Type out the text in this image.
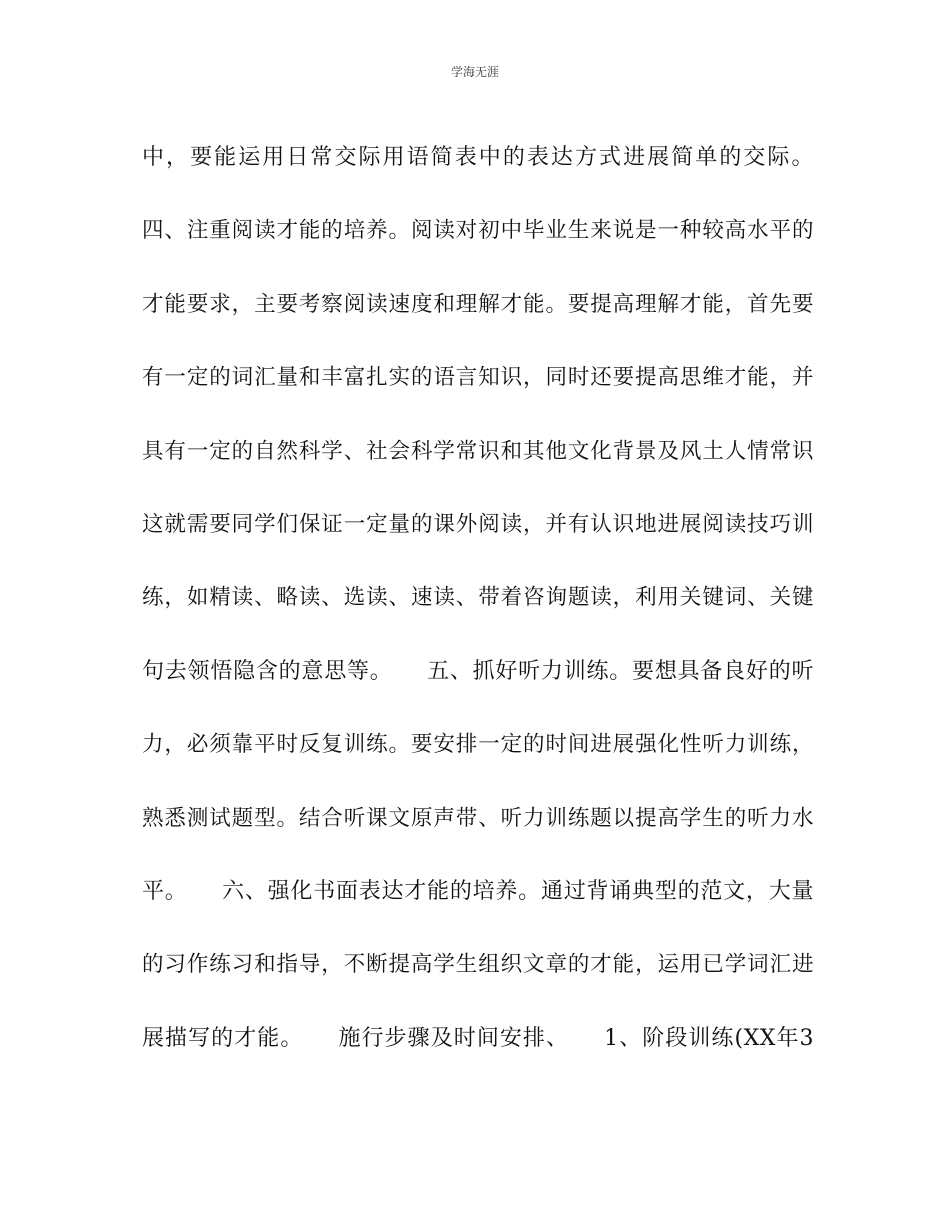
学海无涯
中，要能运用日常交际用语简表中的表达方式进展简单的交际。
四、注重阅读才能的培养。阅读对初中毕业生来说是一种较高水平的
才能要求，主要考察阅读速度和理解才能。要提高理解才能，首先要
有一定的词汇量和丰富扎实的语言知识，同时还要提高思维才能，并
具有一定的自然科学、社会科学常识和其他文化背景及风土人情常识
这就需要同学们保证一定量的课外阅读，并有认识地进展阅读技巧训
练，如精读、略读、选读、速读、带着咨询题读，利用关键词、关键
句去领悟隐含的意思等。　　五、抓好听力训练。要想具备良好的听
力，必须靠平时反复训练。要安排一定的时间进展强化性听力训练，
熟悉测试题型。结合听课文原声带、听力训练题以提高学生的听力水
平。　　六、强化书面表达才能的培养。通过背诵典型的范文，大量
的习作练习和指导，不断提高学生组织文章的才能，运用已学词汇进
展描写的才能。　　施行步骤及时间安排、　　1、阶段训练(XX年3
